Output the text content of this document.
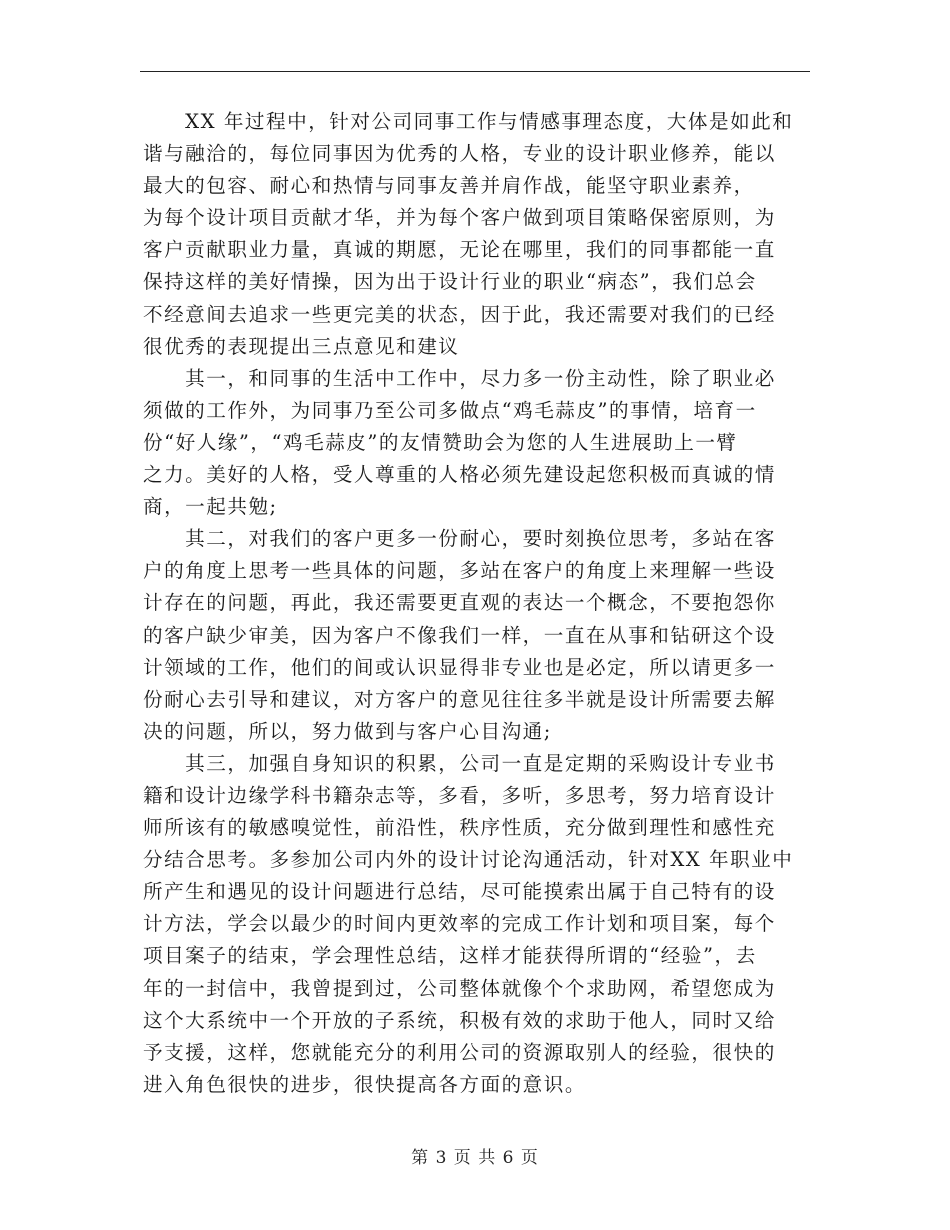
　　XX 年过程中，针对公司同事工作与情感事理态度，大体是如此和
谐与融洽的，每位同事因为优秀的人格，专业的设计职业修养，能以
最大的包容、耐心和热情与同事友善并肩作战，能坚守职业素养，
为每个设计项目贡献才华，并为每个客户做到项目策略保密原则，为
客户贡献职业力量，真诚的期愿，无论在哪里，我们的同事都能一直
保持这样的美好情操，因为出于设计行业的职业“病态”，我们总会
不经意间去追求一些更完美的状态，因于此，我还需要对我们的已经
很优秀的表现提出三点意见和建议
　　其一，和同事的生活中工作中，尽力多一份主动性，除了职业必
须做的工作外，为同事乃至公司多做点“鸡毛蒜皮”的事情，培育一
份“好人缘”，“鸡毛蒜皮”的友情赞助会为您的人生进展助上一臂
之力。美好的人格，受人尊重的人格必须先建设起您积极而真诚的情
商，一起共勉;
　　其二，对我们的客户更多一份耐心，要时刻换位思考，多站在客
户的角度上思考一些具体的问题，多站在客户的角度上来理解一些设
计存在的问题，再此，我还需要更直观的表达一个概念，不要抱怨你
的客户缺少审美，因为客户不像我们一样，一直在从事和钻研这个设
计领域的工作，他们的间或认识显得非专业也是必定，所以请更多一
份耐心去引导和建议，对方客户的意见往往多半就是设计所需要去解
决的问题，所以，努力做到与客户心目沟通;
　　其三，加强自身知识的积累，公司一直是定期的采购设计专业书
籍和设计边缘学科书籍杂志等，多看，多听，多思考，努力培育设计
师所该有的敏感嗅觉性，前沿性，秩序性质，充分做到理性和感性充
分结合思考。多参加公司内外的设计讨论沟通活动，针对XX 年职业中
所产生和遇见的设计问题进行总结，尽可能摸索出属于自己特有的设
计方法，学会以最少的时间内更效率的完成工作计划和项目案，每个
项目案子的结束，学会理性总结，这样才能获得所谓的“经验”，去
年的一封信中，我曾提到过，公司整体就像个个求助网，希望您成为
这个大系统中一个开放的子系统，积极有效的求助于他人，同时又给
予支援，这样，您就能充分的利用公司的资源取别人的经验，很快的
进入角色很快的进步，很快提高各方面的意识。
第 3 页 共 6 页
